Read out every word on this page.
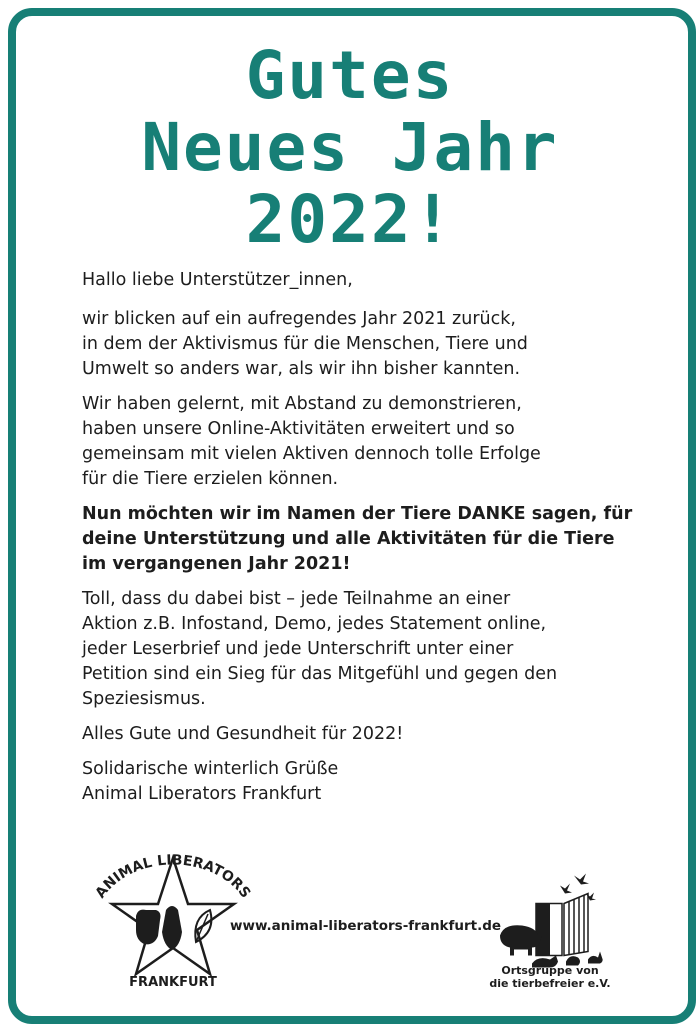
Gutes
Neues Jahr
2022!

Hallo liebe Unterstützer_innen,

wir blicken auf ein aufregendes Jahr 2021 zurück,
in dem der Aktivismus für die Menschen, Tiere und
Umwelt so anders war, als wir ihn bisher kannten.

Wir haben gelernt, mit Abstand zu demonstrieren,
haben unsere Online-Aktivitäten erweitert und so
gemeinsam mit vielen Aktiven dennoch tolle Erfolge
für die Tiere erzielen können.

Nun möchten wir im Namen der Tiere DANKE sagen, für
deine Unterstützung und alle Aktivitäten für die Tiere
im vergangenen Jahr 2021!

Toll, dass du dabei bist – jede Teilnahme an einer
Aktion z.B. Infostand, Demo, jedes Statement online,
jeder Leserbrief und jede Unterschrift unter einer
Petition sind ein Sieg für das Mitgefühl und gegen den
Speziesismus.

Alles Gute und Gesundheit für 2022!

Solidarische winterlich Grüße
Animal Liberators Frankfurt

ANIMAL LIBERATORS
FRANKFURT
www.animal-liberators-frankfurt.de
Ortsgruppe von
die tierbefreier e.V.
